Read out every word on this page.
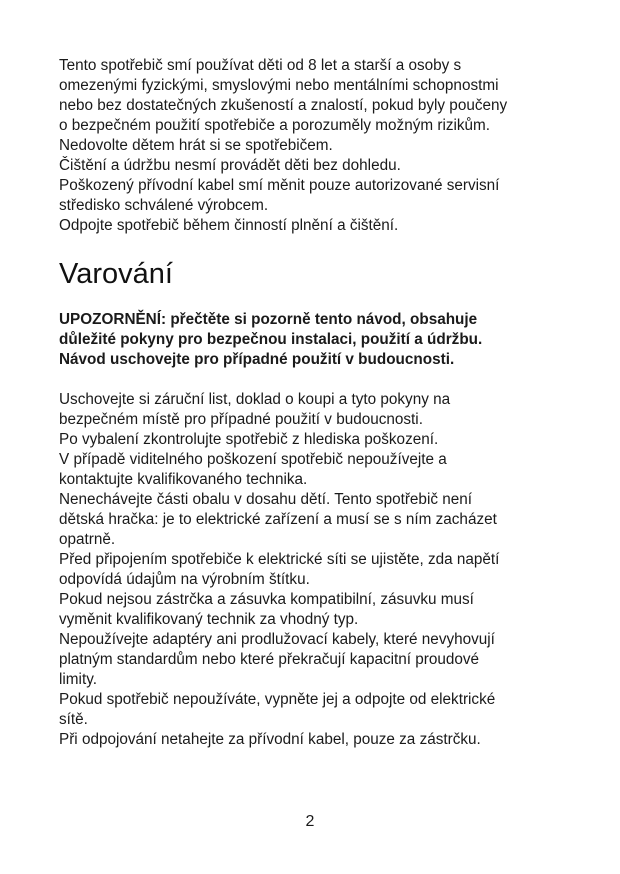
Tento spotřebič smí používat děti od 8 let a starší a osoby s
omezenými fyzickými, smyslovými nebo mentálními schopnostmi
nebo bez dostatečných zkušeností a znalostí, pokud byly poučeny
o bezpečném použití spotřebiče a porozuměly možným rizikům.
Nedovolte dětem hrát si se spotřebičem.
Čištění a údržbu nesmí provádět děti bez dohledu.
Poškozený přívodní kabel smí měnit pouze autorizované servisní
středisko schválené výrobcem.
Odpojte spotřebič během činností plnění a čištění.
Varování
UPOZORNĚNÍ: přečtěte si pozorně tento návod, obsahuje
důležité pokyny pro bezpečnou instalaci, použití a údržbu.
Návod uschovejte pro případné použití v budoucnosti.
Uschovejte si záruční list, doklad o koupi a tyto pokyny na
bezpečném místě pro případné použití v budoucnosti.
Po vybalení zkontrolujte spotřebič z hlediska poškození.
V případě viditelného poškození spotřebič nepoužívejte a
kontaktujte kvalifikovaného technika.
Nenechávejte části obalu v dosahu dětí. Tento spotřebič není
dětská hračka: je to elektrické zařízení a musí se s ním zacházet
opatrně.
Před připojením spotřebiče k elektrické síti se ujistěte, zda napětí
odpovídá údajům na výrobním štítku.
Pokud nejsou zástrčka a zásuvka kompatibilní, zásuvku musí
vyměnit kvalifikovaný technik za vhodný typ.
Nepoužívejte adaptéry ani prodlužovací kabely, které nevyhovují
platným standardům nebo které překračují kapacitní proudové
limity.
Pokud spotřebič nepoužíváte, vypněte jej a odpojte od elektrické
sítě.
Při odpojování netahejte za přívodní kabel, pouze za zástrčku.
2
